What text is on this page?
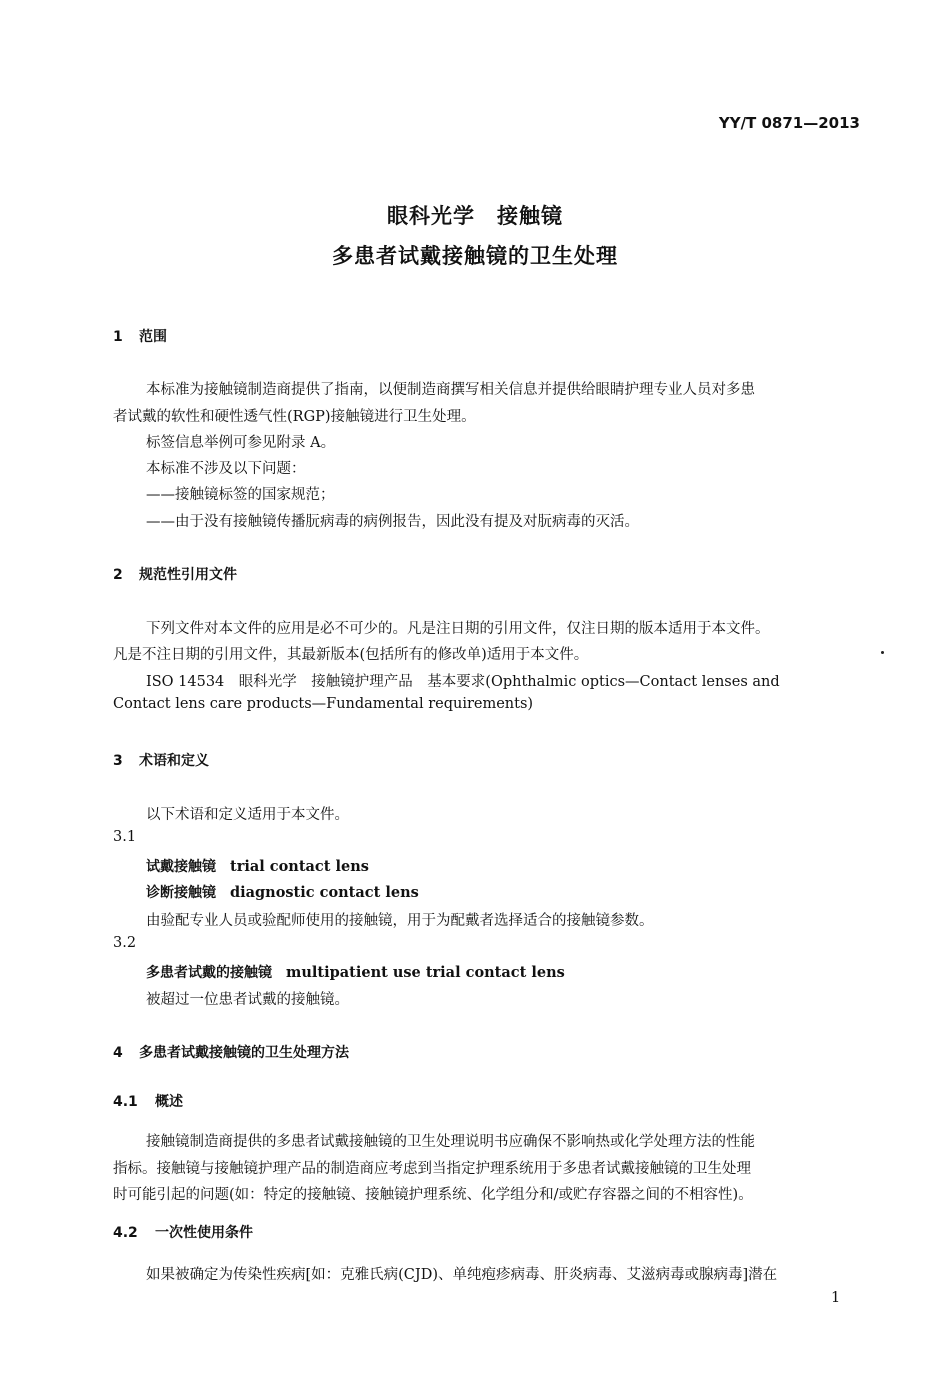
YY/T 0871—2013
眼科光学　接触镜
多患者试戴接触镜的卫生处理
1 范围
本标准为接触镜制造商提供了指南，以便制造商撰写相关信息并提供给眼睛护理专业人员对多患
者试戴的软性和硬性透气性(RGP)接触镜进行卫生处理。
标签信息举例可参见附录 A。
本标准不涉及以下问题：
——接触镜标签的国家规范；
——由于没有接触镜传播朊病毒的病例报告，因此没有提及对朊病毒的灭活。
2 规范性引用文件
下列文件对本文件的应用是必不可少的。凡是注日期的引用文件，仅注日期的版本适用于本文件。
凡是不注日期的引用文件，其最新版本(包括所有的修改单)适用于本文件。
ISO 14534　眼科光学　接触镜护理产品　基本要求(Ophthalmic optics—Contact lenses and
Contact lens care products—Fundamental requirements)
3 术语和定义
以下术语和定义适用于本文件。
3.1
试戴接触镜 trial contact lens
诊断接触镜 diagnostic contact lens
由验配专业人员或验配师使用的接触镜，用于为配戴者选择适合的接触镜参数。
3.2
多患者试戴的接触镜 multipatient use trial contact lens
被超过一位患者试戴的接触镜。
4 多患者试戴接触镜的卫生处理方法
4.1 概述
接触镜制造商提供的多患者试戴接触镜的卫生处理说明书应确保不影响热或化学处理方法的性能
指标。接触镜与接触镜护理产品的制造商应考虑到当指定护理系统用于多患者试戴接触镜的卫生处理
时可能引起的问题(如：特定的接触镜、接触镜护理系统、化学组分和/或贮存容器之间的不相容性)。
4.2 一次性使用条件
如果被确定为传染性疾病[如：克雅氏病(CJD)、单纯疱疹病毒、肝炎病毒、艾滋病毒或腺病毒]潜在
1
